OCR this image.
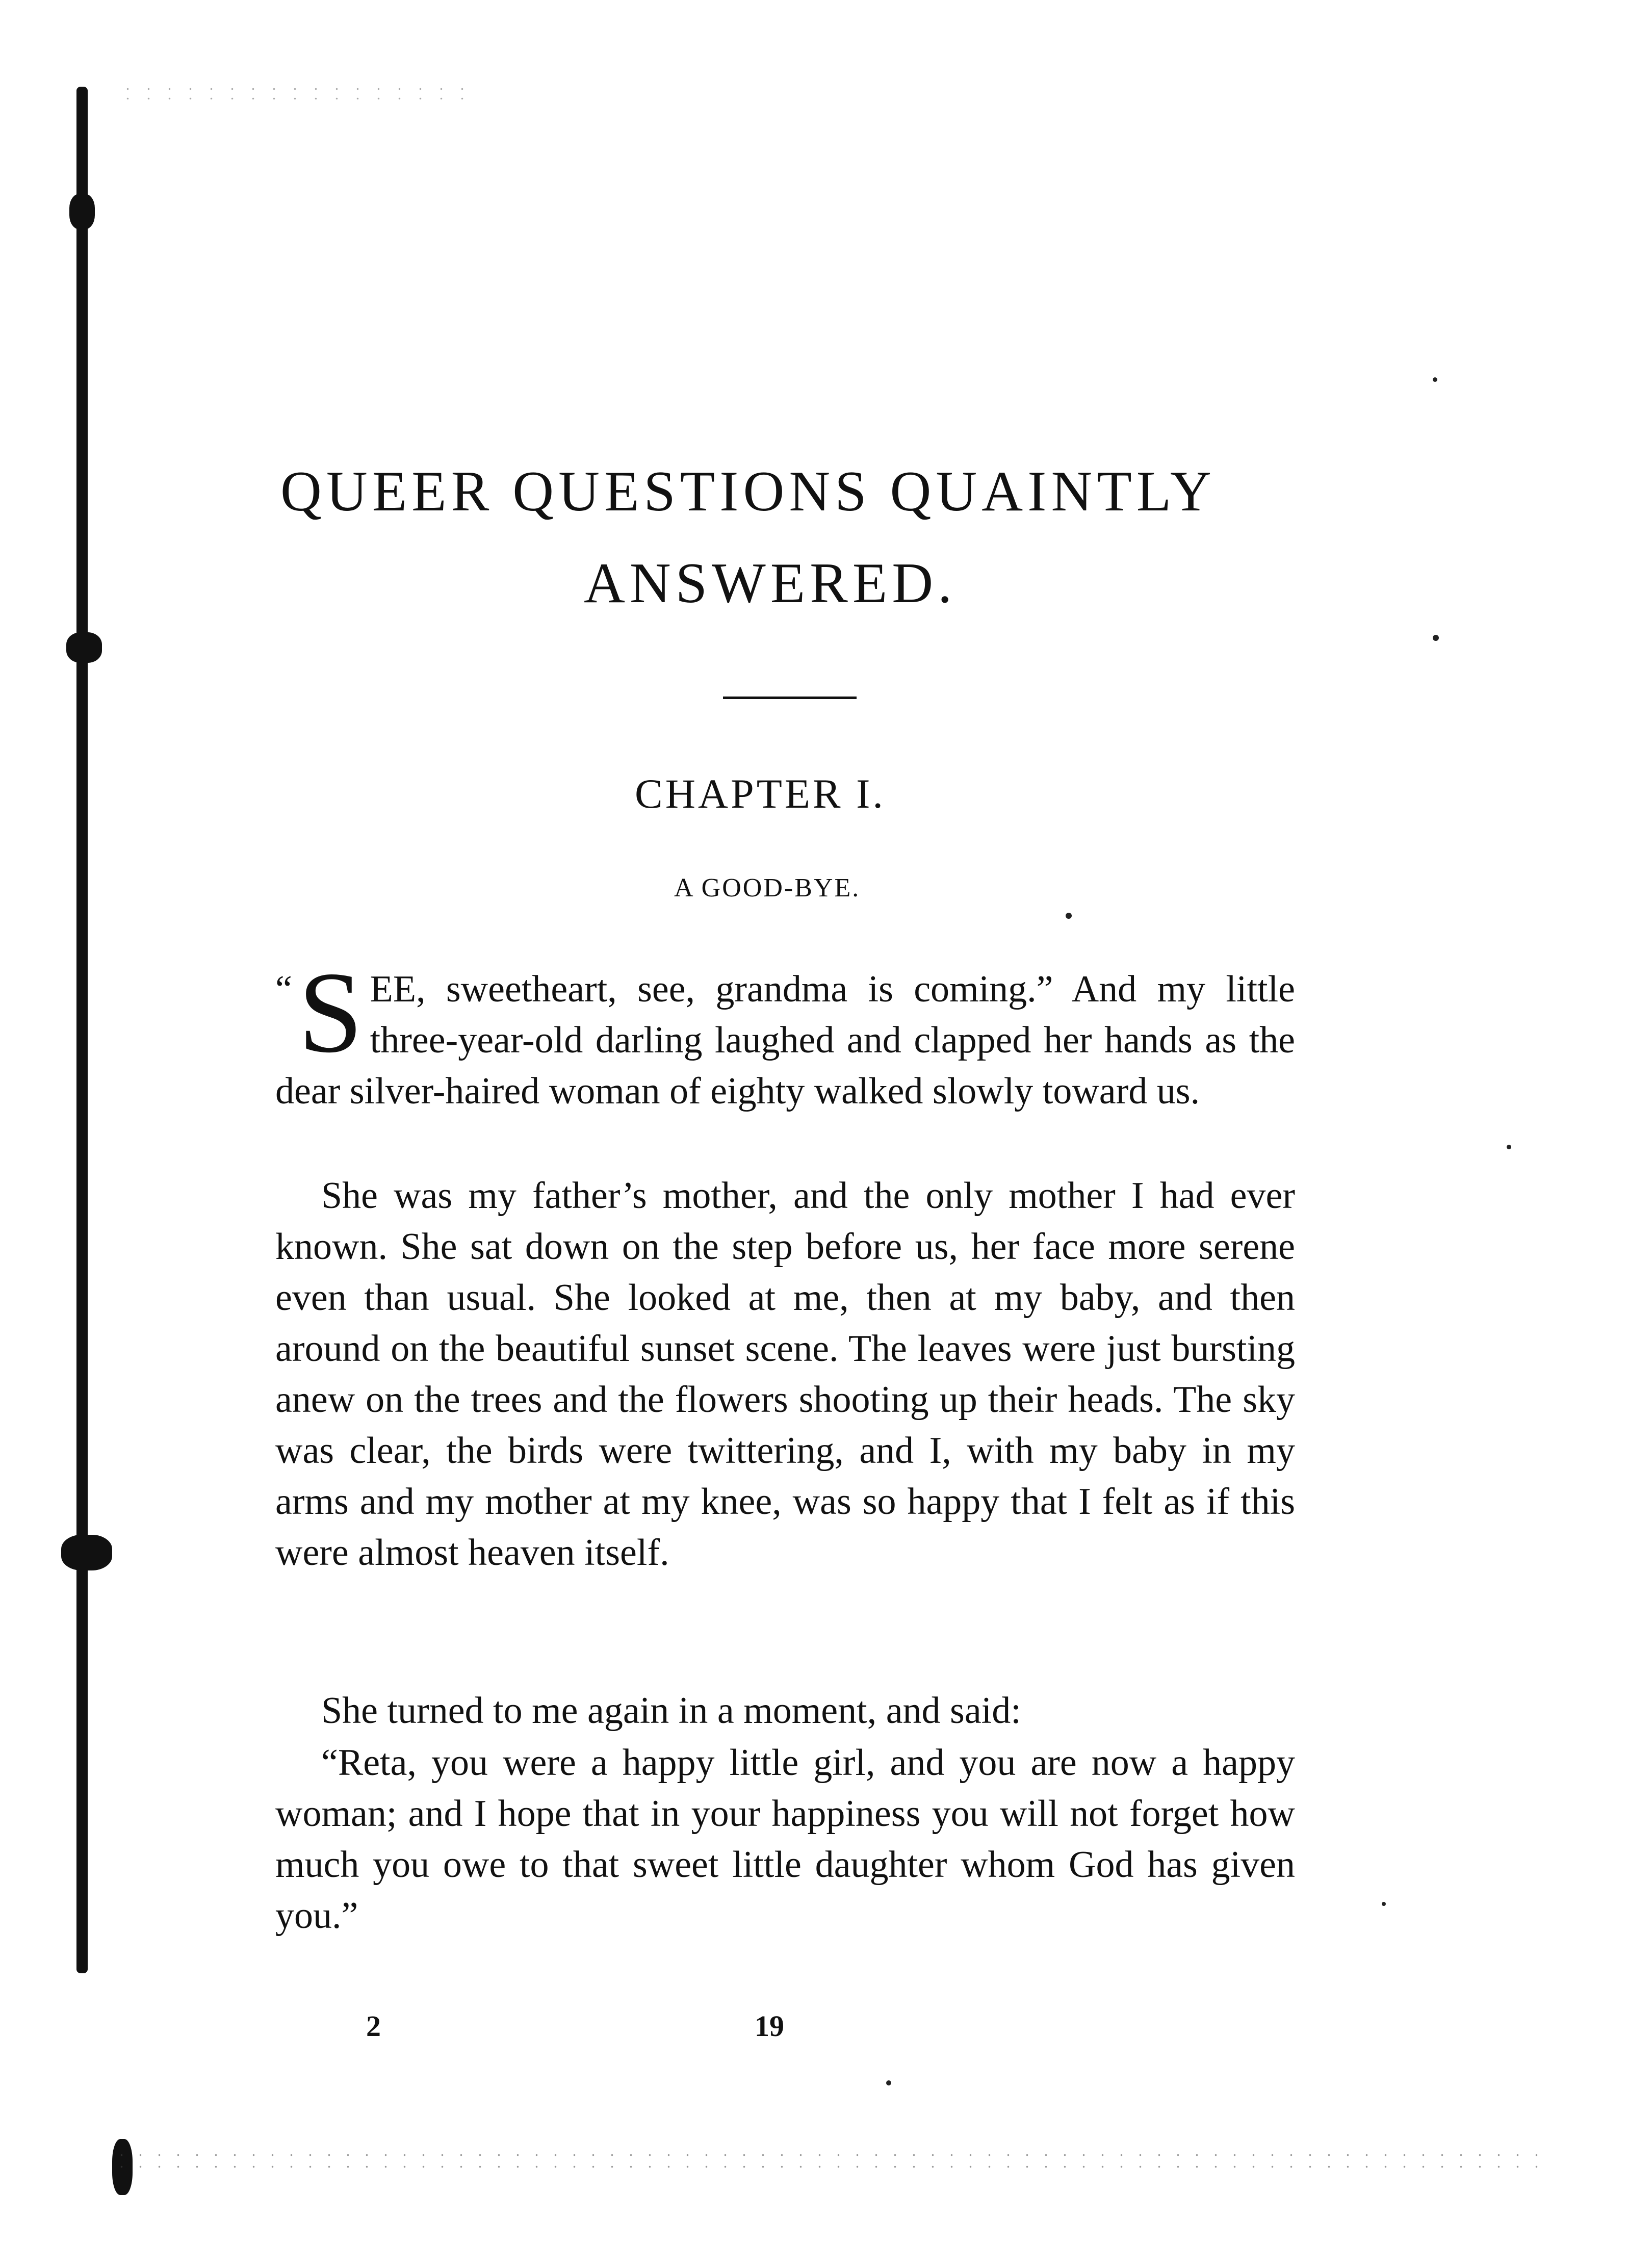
QUEER QUESTIONS QUAINTLY
ANSWERED.
CHAPTER I.
A GOOD-BYE.
“ S EE, sweetheart, see, grandma is coming.” And my little three-year-old darling laughed and clapped her hands as the dear silver-haired woman of eighty walked slowly toward us.
She was my father’s mother, and the only mother I had ever known. She sat down on the step before us, her face more serene even than usual. She looked at me, then at my baby, and then around on the beautiful sunset scene. The leaves were just bursting anew on the trees and the flowers shooting up their heads. The sky was clear, the birds were twittering, and I, with my baby in my arms and my mother at my knee, was so happy that I felt as if this were almost heaven itself.
She turned to me again in a moment, and said:
“Reta, you were a happy little girl, and you are now a happy woman; and I hope that in your happiness you will not forget how much you owe to that sweet little daughter whom God has given you.”
2	19
